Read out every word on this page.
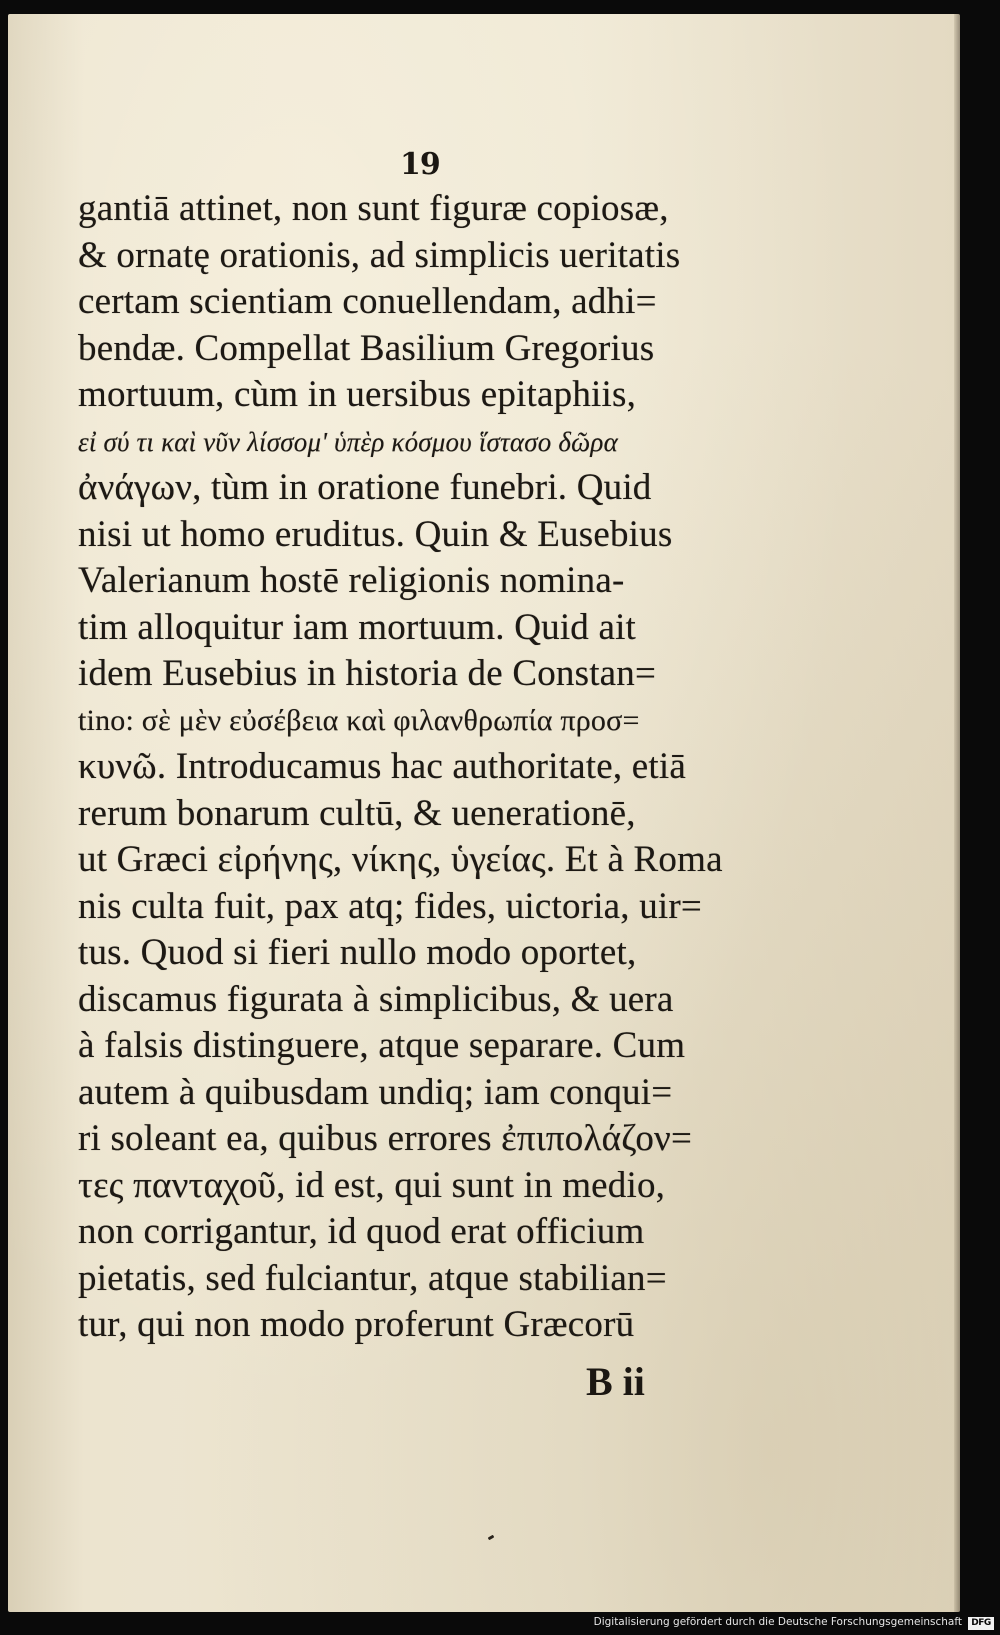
19
gantiā attinet, non sunt figuræ copiosæ,
& ornatę orationis, ad simplicis ueritatis
certam scientiam conuellendam, adhi=
bendæ. Compellat Basilium Gregorius
mortuum, cùm in uersibus epitaphiis,
εἰ σύ τι καὶ νῦν λίσσομ' ὑπὲρ κόσμου ἵστασο δῶρα
ἀνάγων, tùm in oratione funebri. Quid
nisi ut homo eruditus. Quin & Eusebius
Valerianum hostē religionis nomina-
tim alloquitur iam mortuum. Quid ait
idem Eusebius in historia de Constan=
tino: σὲ μὲν εὐσέβεια καὶ φιλανθρωπία προσ=
κυνῶ. Introducamus hac authoritate, etiā
rerum bonarum cultū, & uenerationē,
ut Græci εἰρήνης, νίκης, ὑγείας. Et à Roma
nis culta fuit, pax atq; fides, uictoria, uir=
tus. Quod si fieri nullo modo oportet,
discamus figurata à simplicibus, & uera
à falsis distinguere, atque separare. Cum
autem à quibusdam undiq; iam conqui=
ri soleant ea, quibus errores ἐπιπολάζον=
τες πανταχοῦ, id est, qui sunt in medio,
non corrigantur, id quod erat officium
pietatis, sed fulciantur, atque stabilian=
tur, qui non modo proferunt Græcorū
B ii
Digitalisierung gefördert durch die Deutsche Forschungsgemeinschaft	DFG
